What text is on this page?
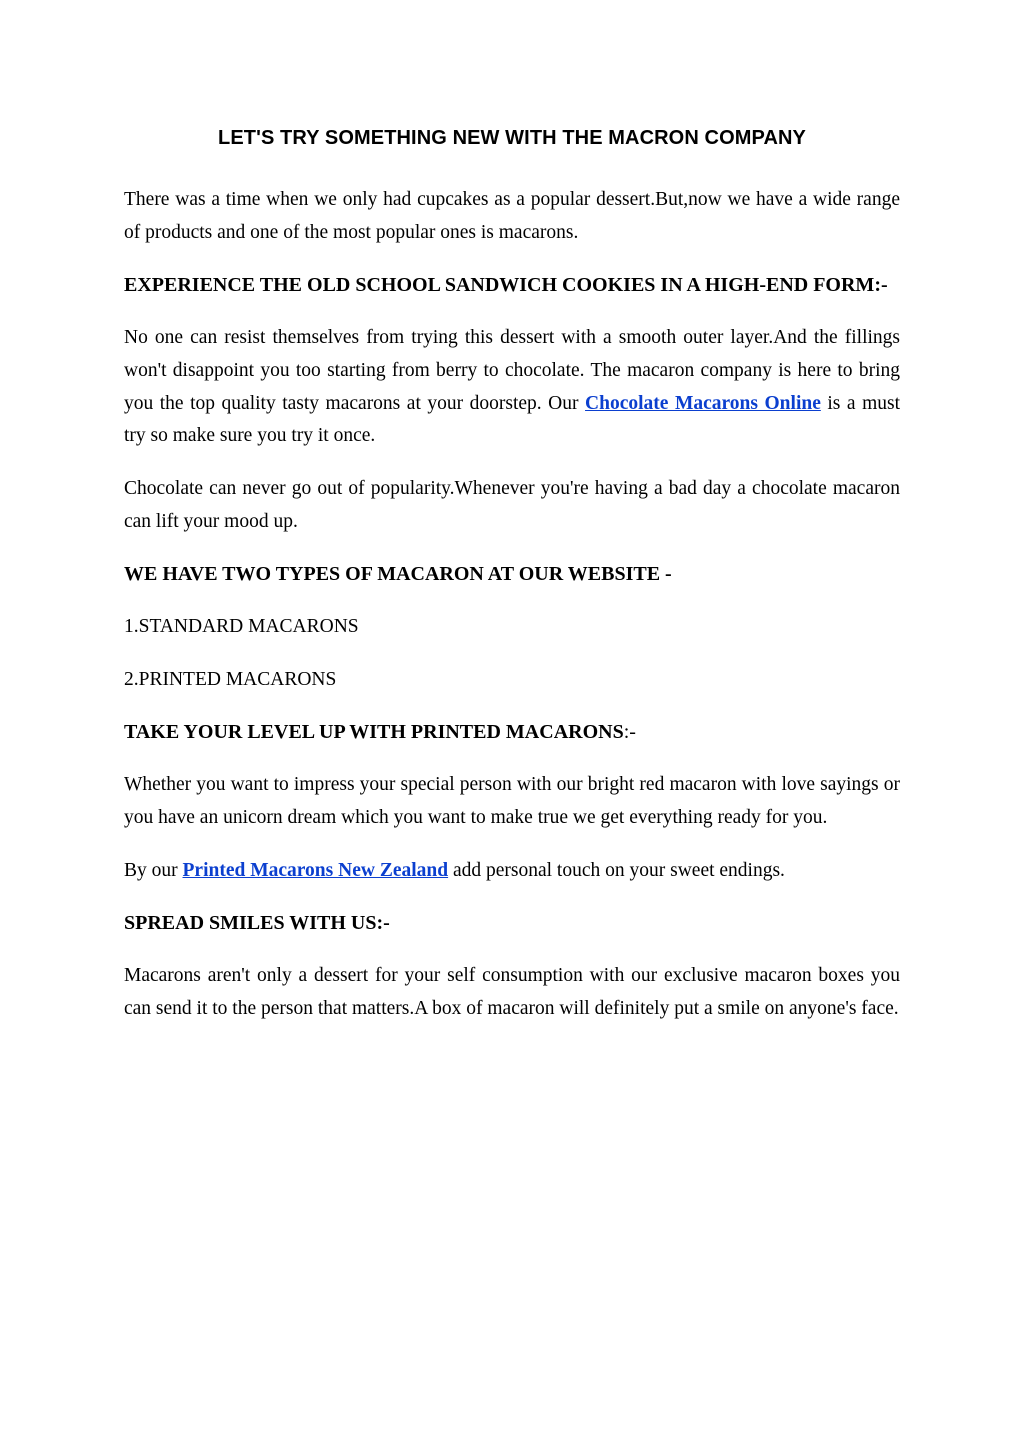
LET'S TRY SOMETHING NEW WITH THE MACRON COMPANY

There was a time when we only had cupcakes as a popular dessert.But,now we have a wide range of products and one of the most popular ones is macarons.

EXPERIENCE THE OLD SCHOOL SANDWICH COOKIES IN A HIGH-END FORM:-

No one can resist themselves from trying this dessert with a smooth outer layer.And the fillings won't disappoint you too starting from berry to chocolate. The macaron company is here to bring you the top quality tasty macarons at your doorstep. Our Chocolate Macarons Online is a must try so make sure you try it once.

Chocolate can never go out of popularity.Whenever you're having a bad day a chocolate macaron can lift your mood up.

WE HAVE TWO TYPES OF MACARON AT OUR WEBSITE -

1.STANDARD MACARONS

2.PRINTED MACARONS

TAKE YOUR LEVEL UP WITH PRINTED MACARONS:-

Whether you want to impress your special person with our bright red macaron with love sayings or you have an unicorn dream which you want to make true we get everything ready for you.

By our Printed Macarons New Zealand add personal touch on your sweet endings.

SPREAD SMILES WITH US:-

Macarons aren't only a dessert for your self consumption with our exclusive macaron boxes you can send it to the person that matters.A box of macaron will definitely put a smile on anyone's face.
